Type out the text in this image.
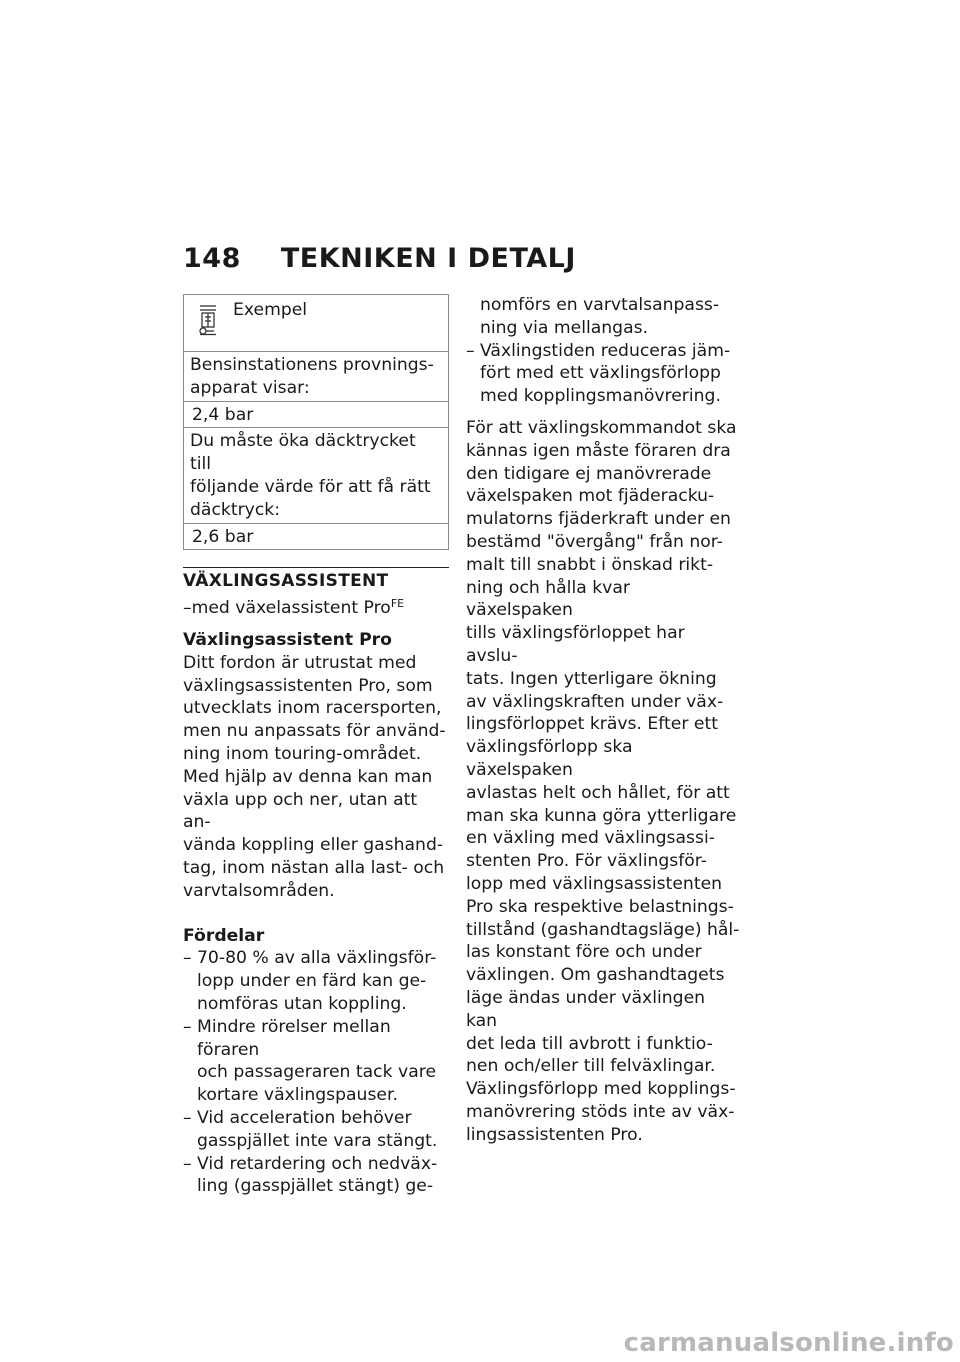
148 TEKNIKEN I DETALJ
Exempel
Bensinstationens provnings-
apparat visar:
2,4 bar
Du måste öka däcktrycket till
följande värde för att få rätt
däcktryck:
2,6 bar
VÄXLINGSASSISTENT
–med växelassistent Pro$^{FE}$
Växlingsassistent Pro
Ditt fordon är utrustat med
växlingsassistenten Pro, som
utvecklats inom racersporten,
men nu anpassats för använd-
ning inom touring-området.
Med hjälp av denna kan man
växla upp och ner, utan att an-
vända koppling eller gashand-
tag, inom nästan alla last- och
varvtalsområden.
Fördelar
– 70-80 % av alla växlingsför-
lopp under en färd kan ge-
nomföras utan koppling.
– Mindre rörelser mellan föraren
och passageraren tack vare
kortare växlingspauser.
– Vid acceleration behöver
gasspjället inte vara stängt.
– Vid retardering och nedväx-
ling (gasspjället stängt) ge-
nomförs en varvtalsanpass-
ning via mellangas.
– Växlingstiden reduceras jäm-
fört med ett växlingsförlopp
med kopplingsmanövrering.
För att växlingskommandot ska
kännas igen måste föraren dra
den tidigare ej manövrerade
växelspaken mot fjäderacku-
mulatorns fjäderkraft under en
bestämd "övergång" från nor-
malt till snabbt i önskad rikt-
ning och hålla kvar växelspaken
tills växlingsförloppet har avslu-
tats. Ingen ytterligare ökning
av växlingskraften under väx-
lingsförloppet krävs. Efter ett
växlingsförlopp ska växelspaken
avlastas helt och hållet, för att
man ska kunna göra ytterligare
en växling med växlingsassi-
stenten Pro. För växlingsför-
lopp med växlingsassistenten
Pro ska respektive belastnings-
tillstånd (gashandtagsläge) hål-
las konstant före och under
växlingen. Om gashandtagets
läge ändas under växlingen kan
det leda till avbrott i funktio-
nen och/eller till felväxlingar.
Växlingsförlopp med kopplings-
manövrering stöds inte av väx-
lingsassistenten Pro.
carmanualsonline.info
